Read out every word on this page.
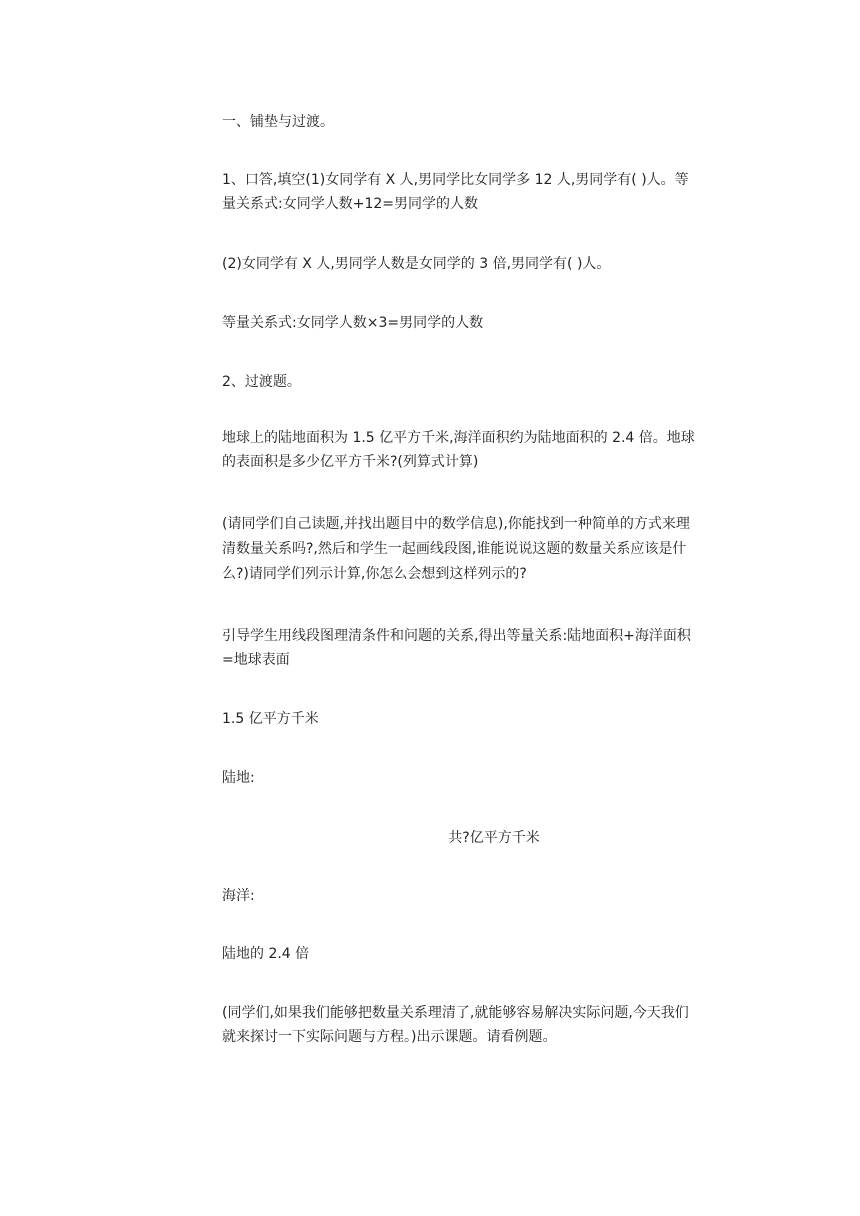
一、铺垫与过渡。

1、口答,填空(1)女同学有 X 人,男同学比女同学多 12 人,男同学有( )人。等

量关系式:女同学人数+12=男同学的人数

(2)女同学有 X 人,男同学人数是女同学的 3 倍,男同学有( )人。

等量关系式:女同学人数×3=男同学的人数

2、过渡题。

地球上的陆地面积为 1.5 亿平方千米,海洋面积约为陆地面积的 2.4 倍。地球

的表面积是多少亿平方千米?(列算式计算)

(请同学们自己读题,并找出题目中的数学信息),你能找到一种简单的方式来理

清数量关系吗?,然后和学生一起画线段图,谁能说说这题的数量关系应该是什

么?)请同学们列示计算,你怎么会想到这样列示的?

引导学生用线段图理清条件和问题的关系,得出等量关系:陆地面积+海洋面积

=地球表面

1.5 亿平方千米

陆地:

共?亿平方千米

海洋:

陆地的 2.4 倍

(同学们,如果我们能够把数量关系理清了,就能够容易解决实际问题,今天我们

就来探讨一下实际问题与方程。)出示课题。请看例题。
